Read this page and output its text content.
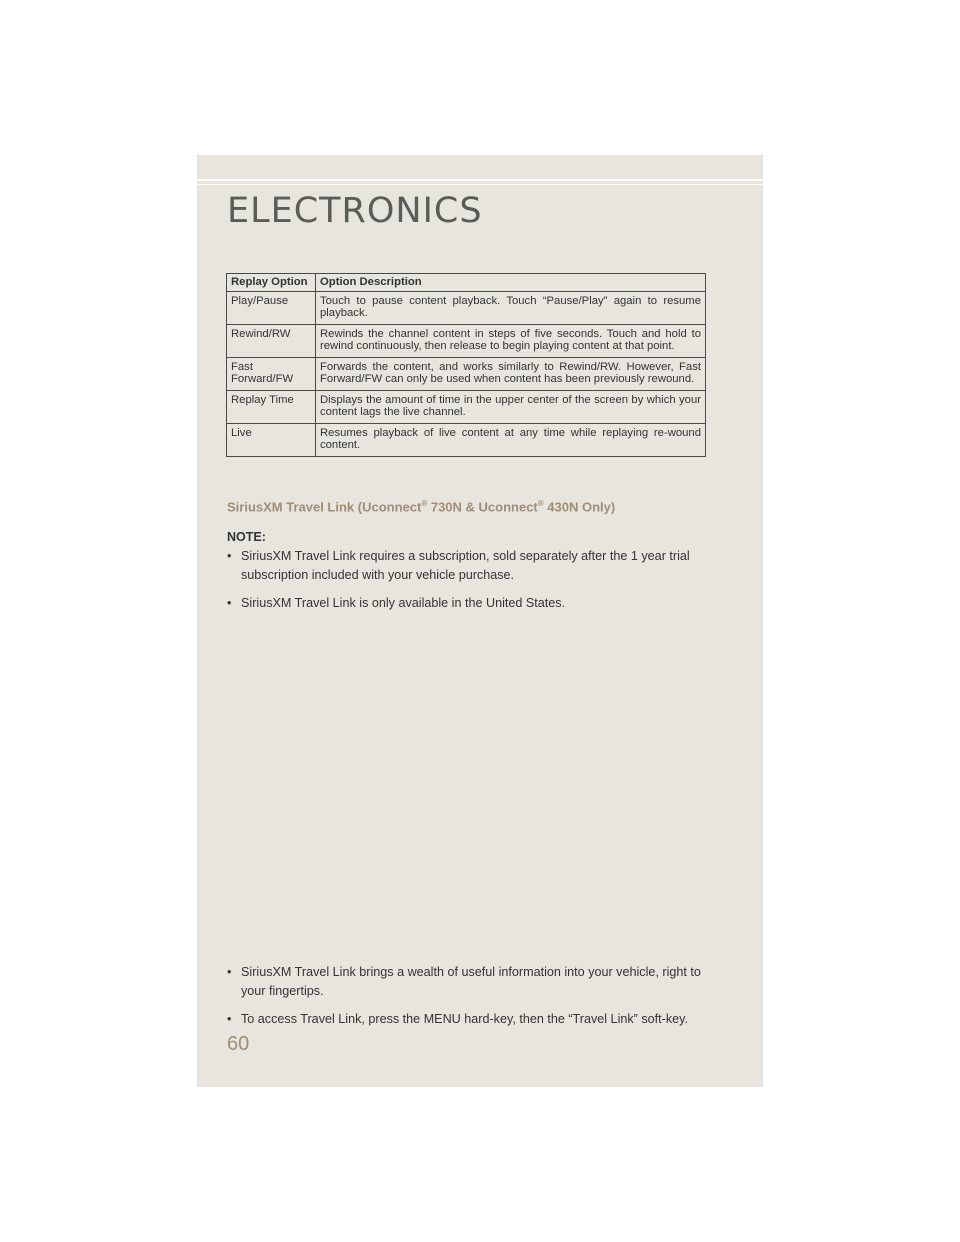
ELECTRONICS
Replay Option	Option Description
Play/Pause	Touch to pause content playback. Touch “Pause/Play” again to resume playback.
Rewind/RW	Rewinds the channel content in steps of five seconds. Touch and hold to rewind continuously, then release to begin playing content at that point.
Fast Forward/FW	Forwards the content, and works similarly to Rewind/RW. However, Fast Forward/FW can only be used when content has been previously rewound.
Replay Time	Displays the amount of time in the upper center of the screen by which your content lags the live channel.
Live	Resumes playback of live content at any time while replaying re-wound content.
SiriusXM Travel Link (Uconnect® 730N & Uconnect® 430N Only)
NOTE:
• SiriusXM Travel Link requires a subscription, sold separately after the 1 year trial subscription included with your vehicle purchase.
• SiriusXM Travel Link is only available in the United States.
• SiriusXM Travel Link brings a wealth of useful information into your vehicle, right to your fingertips.
• To access Travel Link, press the MENU hard-key, then the “Travel Link” soft-key.
60
